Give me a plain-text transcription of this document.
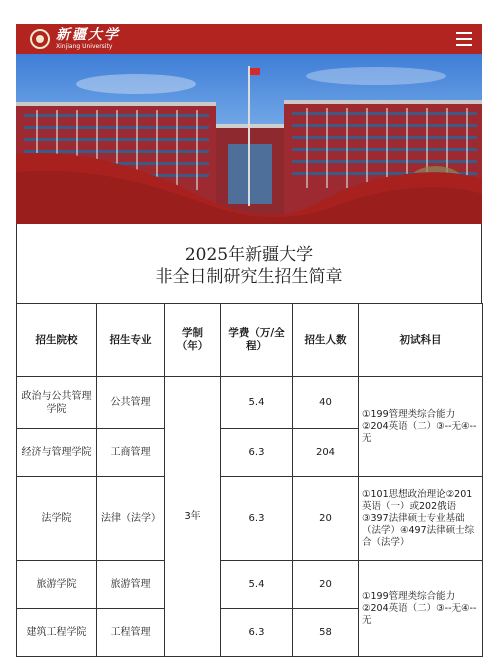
新疆大学
Xinjiang University
2025年新疆大学
非全日制研究生招生简章
招生院校	招生专业	学制（年）	学费（万/全程）	招生人数	初试科目
政治与公共管理学院	公共管理	3年	5.4	40	①199管理类综合能力②204英语（二）③--无④--无
经济与管理学院	工商管理		6.3	204	
法学院	法律（法学）		6.3	20	①101思想政治理论②201英语（一）或202俄语③397法律硕士专业基础（法学）④497法律硕士综合（法学）
旅游学院	旅游管理		5.4	20	①199管理类综合能力②204英语（二）③--无④--无
建筑工程学院	工程管理		6.3	58	
